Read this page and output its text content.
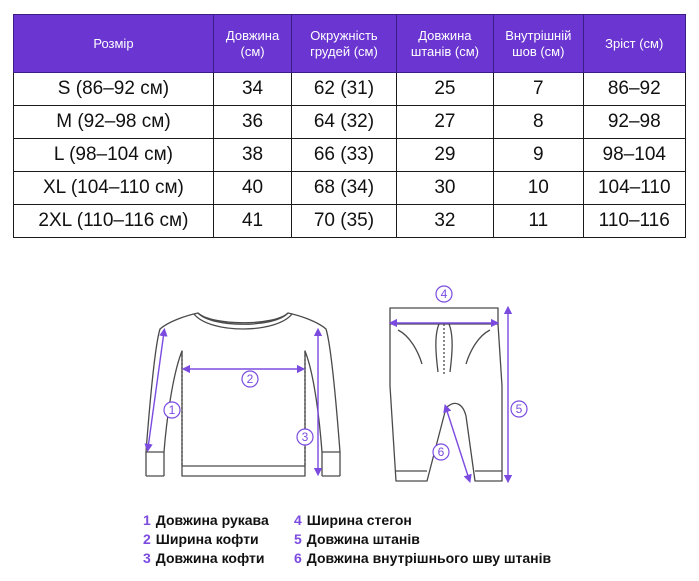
Розмір	Довжина (см)	Окружність грудей (см)	Довжина штанів (см)	Внутрішній шов (см)	Зріст (см)
S (86–92 см)	34	62 (31)	25	7	86–92
M (92–98 см)	36	64 (32)	27	8	92–98
L (98–104 см)	38	66 (33)	29	9	98–104
XL (104–110 см)	40	68 (34)	30	10	104–110
2XL (110–116 см)	41	70 (35)	32	11	110–116
1
2
3
4
5
6
1 Довжина рукава
2 Ширина кофти
3 Довжина кофти
4 Ширина стегон
5 Довжина штанів
6 Довжина внутрішнього шву штанів
